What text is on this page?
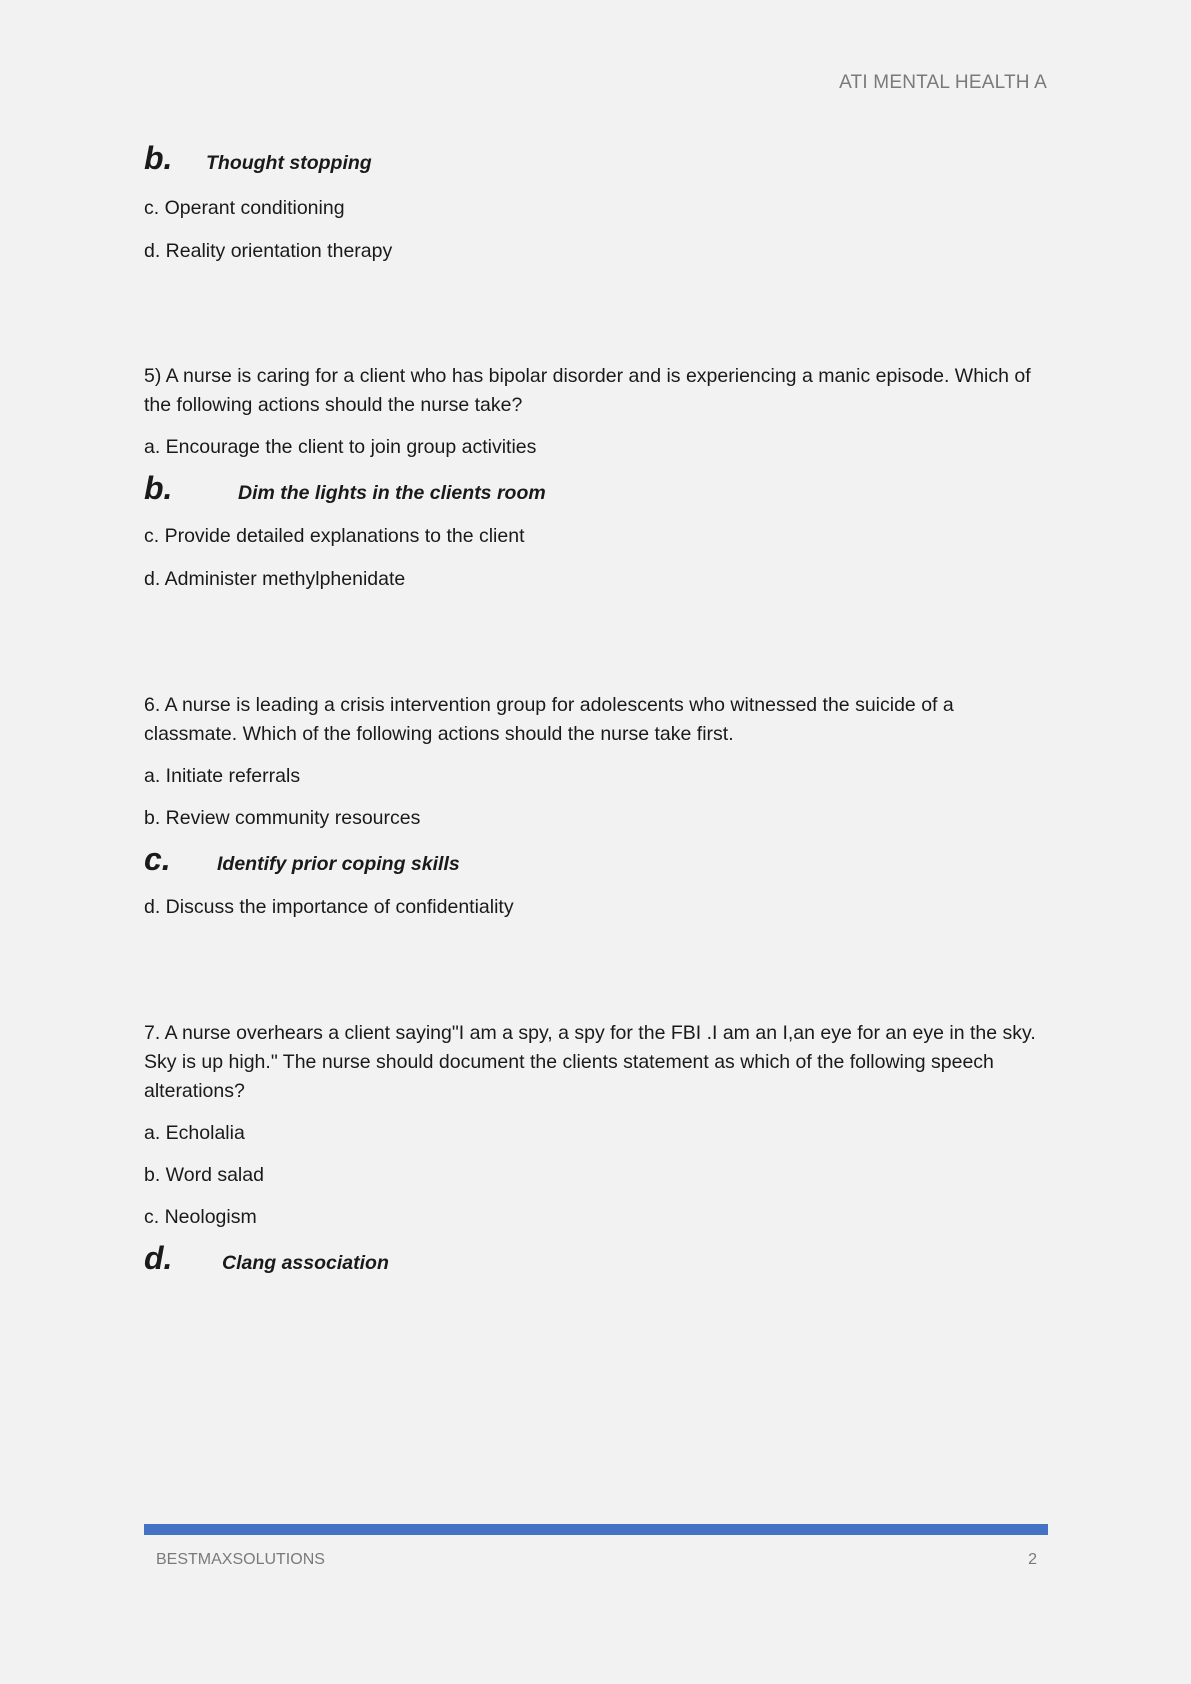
ATI MENTAL HEALTH A
b.	Thought stopping

c. Operant conditioning

d. Reality orientation therapy

5) A nurse is caring for a client who has bipolar disorder and is experiencing a manic episode. Which of the following actions should the nurse take?

a. Encourage the client to join group activities

b.	Dim the lights in the clients room

c. Provide detailed explanations to the client

d. Administer methylphenidate

6. A nurse is leading a crisis intervention group for adolescents who witnessed the suicide of a classmate. Which of the following actions should the nurse take first.

a. Initiate referrals

b. Review community resources

c.	Identify prior coping skills

d. Discuss the importance of confidentiality

7. A nurse overhears a client saying"I am a spy, a spy for the FBI .I am an I,an eye for an eye in the sky. Sky is up high." The nurse should document the clients statement as which of the following speech alterations?

a. Echolalia

b. Word salad

c. Neologism

d.	Clang association
BESTMAXSOLUTIONS	2
